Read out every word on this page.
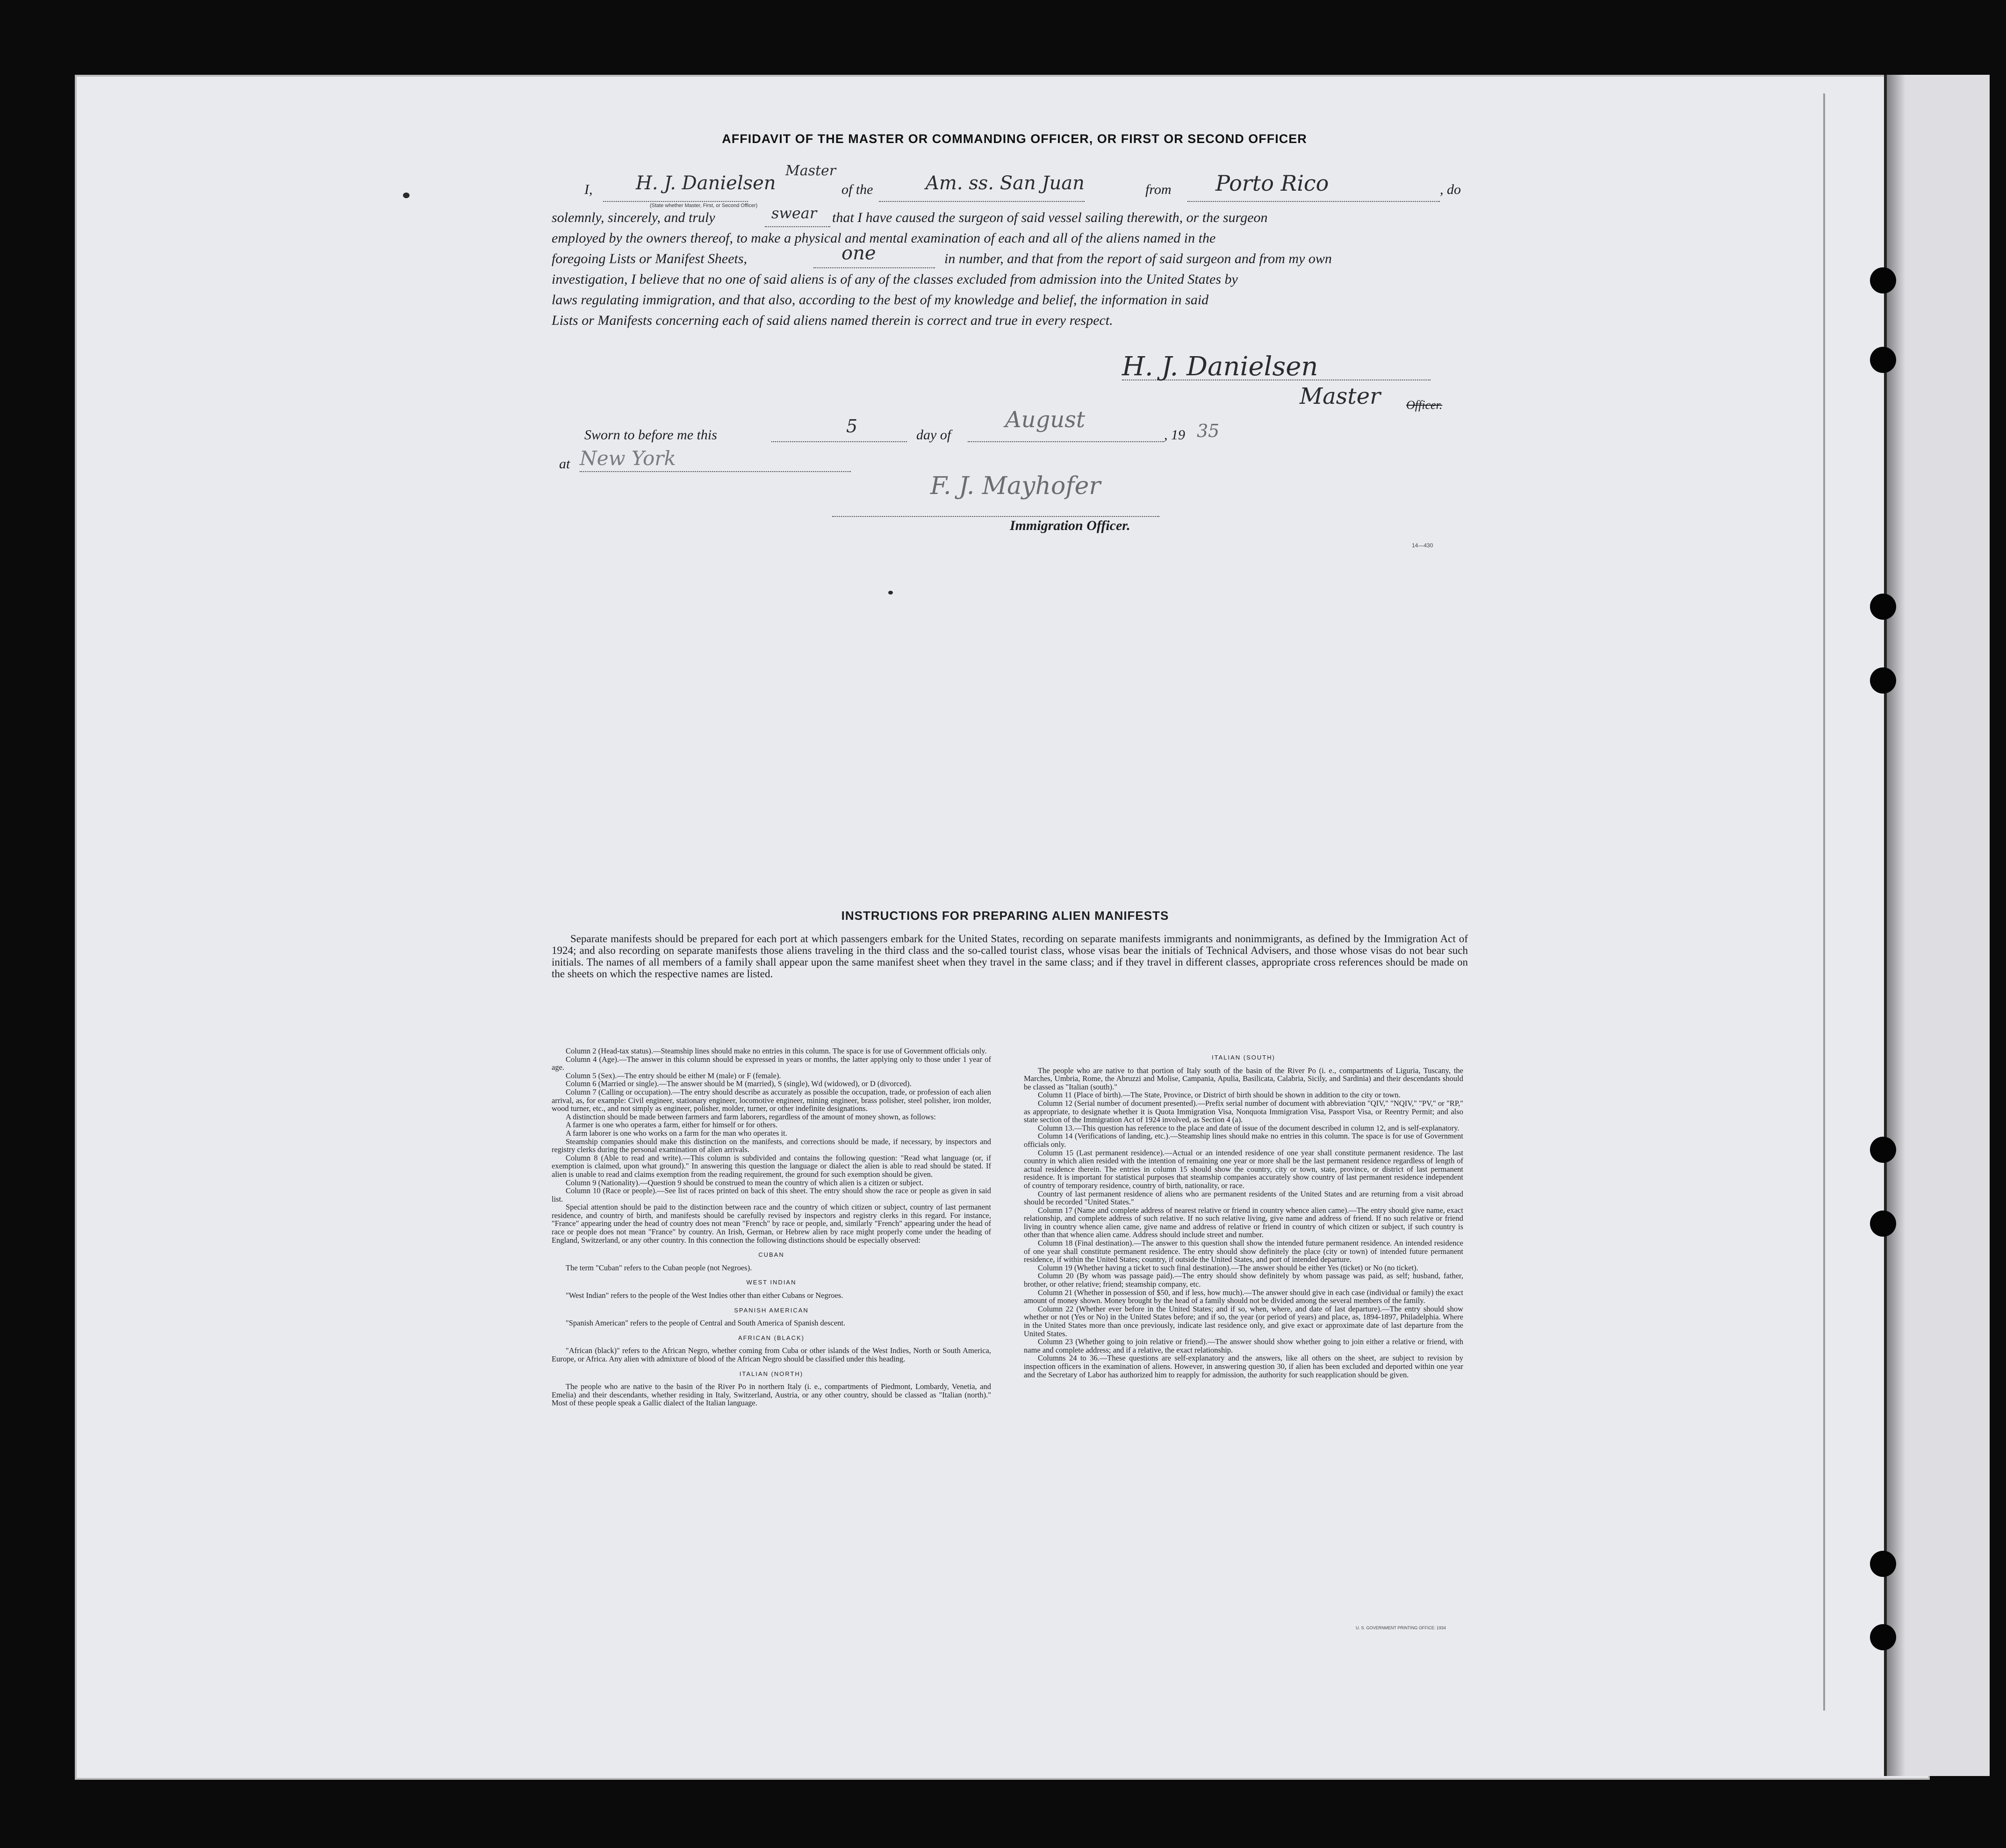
AFFIDAVIT OF THE MASTER OR COMMANDING OFFICER, OR FIRST OR SECOND OFFICER
I, H. J. Danielsen
Master
of the	Am. ss. San Juan	from Porto Rico	, do
(State whether Master, First, or Second Officer)
solemnly, sincerely, and truly	swear that I have caused the surgeon of said vessel sailing therewith, or the surgeon
employed by the owners thereof, to make a physical and mental examination of each and all of the aliens named in the
foregoing Lists or Manifest Sheets,	one	in number, and that from the report of said surgeon and from my own
investigation, I believe that no one of said aliens is of any of the classes excluded from admission into the United States by
laws regulating immigration, and that also, according to the best of my knowledge and belief, the information in said
Lists or Manifests concerning each of said aliens named therein is correct and true in every respect.
H. J. Danielsen
Master Officer.
Sworn to before me this	5	day of
August
, 19 35
at New York
F. J. Mayhofer
Immigration Officer.
14—430
INSTRUCTIONS FOR PREPARING ALIEN MANIFESTS

Separate manifests should be prepared for each port at which passengers embark for the United States, recording on separate manifests immigrants and nonimmigrants, as defined by the Immigration Act of 1924; and also recording on separate manifests those aliens traveling in the third class and the so-called tourist class, whose visas bear the initials of Technical Advisers, and those whose visas do not bear such initials. The names of all members of a family shall appear upon the same manifest sheet when they travel in the same class; and if they travel in different classes, appropriate cross references should be made on the sheets on which the respective names are listed.

Column 2 (Head-tax status).—Steamship lines should make no entries in this column. The space is for use of Government officials only.

Column 4 (Age).—The answer in this column should be expressed in years or months, the latter applying only to those under 1 year of age.

Column 5 (Sex).—The entry should be either M (male) or F (female).

Column 6 (Married or single).—The answer should be M (married), S (single), Wd (widowed), or D (divorced).

Column 7 (Calling or occupation).—The entry should describe as accurately as possible the occupation, trade, or profession of each alien arrival, as, for example: Civil engineer, stationary engineer, locomotive engineer, mining engineer, brass polisher, steel polisher, iron molder, wood turner, etc., and not simply as engineer, polisher, molder, turner, or other indefinite designations.

A distinction should be made between farmers and farm laborers, regardless of the amount of money shown, as follows:

A farmer is one who operates a farm, either for himself or for others.

A farm laborer is one who works on a farm for the man who operates it.

Steamship companies should make this distinction on the manifests, and corrections should be made, if necessary, by inspectors and registry clerks during the personal examination of alien arrivals.

Column 8 (Able to read and write).—This column is subdivided and contains the following question: "Read what language (or, if exemption is claimed, upon what ground)." In answering this question the language or dialect the alien is able to read should be stated. If alien is unable to read and claims exemption from the reading requirement, the ground for such exemption should be given.

Column 9 (Nationality).—Question 9 should be construed to mean the country of which alien is a citizen or subject.

Column 10 (Race or people).—See list of races printed on back of this sheet. The entry should show the race or people as given in said list.

Special attention should be paid to the distinction between race and the country of which citizen or subject, country of last permanent residence, and country of birth, and manifests should be carefully revised by inspectors and registry clerks in this regard. For instance, "France" appearing under the head of country does not mean "French" by race or people, and, similarly "French" appearing under the head of race or people does not mean "France" by country. An Irish, German, or Hebrew alien by race might properly come under the heading of England, Switzerland, or any other country. In this connection the following distinctions should be especially observed:

CUBAN

The term "Cuban" refers to the Cuban people (not Negroes).

WEST INDIAN

"West Indian" refers to the people of the West Indies other than either Cubans or Negroes.

SPANISH AMERICAN

"Spanish American" refers to the people of Central and South America of Spanish descent.

AFRICAN (BLACK)

"African (black)" refers to the African Negro, whether coming from Cuba or other islands of the West Indies, North or South America, Europe, or Africa. Any alien with admixture of blood of the African Negro should be classified under this heading.

ITALIAN (NORTH)

The people who are native to the basin of the River Po in northern Italy (i. e., compartments of Piedmont, Lombardy, Venetia, and Emelia) and their descendants, whether residing in Italy, Switzerland, Austria, or any other country, should be classed as "Italian (north)." Most of these people speak a Gallic dialect of the Italian language.

ITALIAN (SOUTH)

The people who are native to that portion of Italy south of the basin of the River Po (i. e., compartments of Liguria, Tuscany, the Marches, Umbria, Rome, the Abruzzi and Molise, Campania, Apulia, Basilicata, Calabria, Sicily, and Sardinia) and their descendants should be classed as "Italian (south)."

Column 11 (Place of birth).—The State, Province, or District of birth should be shown in addition to the city or town.

Column 12 (Serial number of document presented).—Prefix serial number of document with abbreviation "QIV," "NQIV," "PV," or "RP," as appropriate, to designate whether it is Quota Immigration Visa, Nonquota Immigration Visa, Passport Visa, or Reentry Permit; and also state section of the Immigration Act of 1924 involved, as Section 4 (a).

Column 13.—This question has reference to the place and date of issue of the document described in column 12, and is self-explanatory.

Column 14 (Verifications of landing, etc.).—Steamship lines should make no entries in this column. The space is for use of Government officials only.

Column 15 (Last permanent residence).—Actual or an intended residence of one year shall constitute permanent residence. The last country in which alien resided with the intention of remaining one year or more shall be the last permanent residence regardless of length of actual residence therein. The entries in column 15 should show the country, city or town, state, province, or district of last permanent residence. It is important for statistical purposes that steamship companies accurately show country of last permanent residence independent of country of temporary residence, country of birth, nationality, or race.

Country of last permanent residence of aliens who are permanent residents of the United States and are returning from a visit abroad should be recorded "United States."

Column 17 (Name and complete address of nearest relative or friend in country whence alien came).—The entry should give name, exact relationship, and complete address of such relative. If no such relative living, give name and address of friend. If no such relative or friend living in country whence alien came, give name and address of relative or friend in country of which citizen or subject, if such country is other than that whence alien came. Address should include street and number.

Column 18 (Final destination).—The answer to this question shall show the intended future permanent residence. An intended residence of one year shall constitute permanent residence. The entry should show definitely the place (city or town) of intended future permanent residence, if within the United States; country, if outside the United States, and port of intended departure.

Column 19 (Whether having a ticket to such final destination).—The answer should be either Yes (ticket) or No (no ticket).

Column 20 (By whom was passage paid).—The entry should show definitely by whom passage was paid, as self; husband, father, brother, or other relative; friend; steamship company, etc.

Column 21 (Whether in possession of $50, and if less, how much).—The answer should give in each case (individual or family) the exact amount of money shown. Money brought by the head of a family should not be divided among the several members of the family.

Column 22 (Whether ever before in the United States; and if so, when, where, and date of last departure).—The entry should show whether or not (Yes or No) in the United States before; and if so, the year (or period of years) and place, as, 1894-1897, Philadelphia. Where in the United States more than once previously, indicate last residence only, and give exact or approximate date of last departure from the United States.

Column 23 (Whether going to join relative or friend).—The answer should show whether going to join either a relative or friend, with name and complete address; and if a relative, the exact relationship.

Columns 24 to 36.—These questions are self-explanatory and the answers, like all others on the sheet, are subject to revision by inspection officers in the examination of aliens. However, in answering question 30, if alien has been excluded and deported within one year and the Secretary of Labor has authorized him to reapply for admission, the authority for such reapplication should be given.

U. S. GOVERNMENT PRINTING OFFICE: 1934
